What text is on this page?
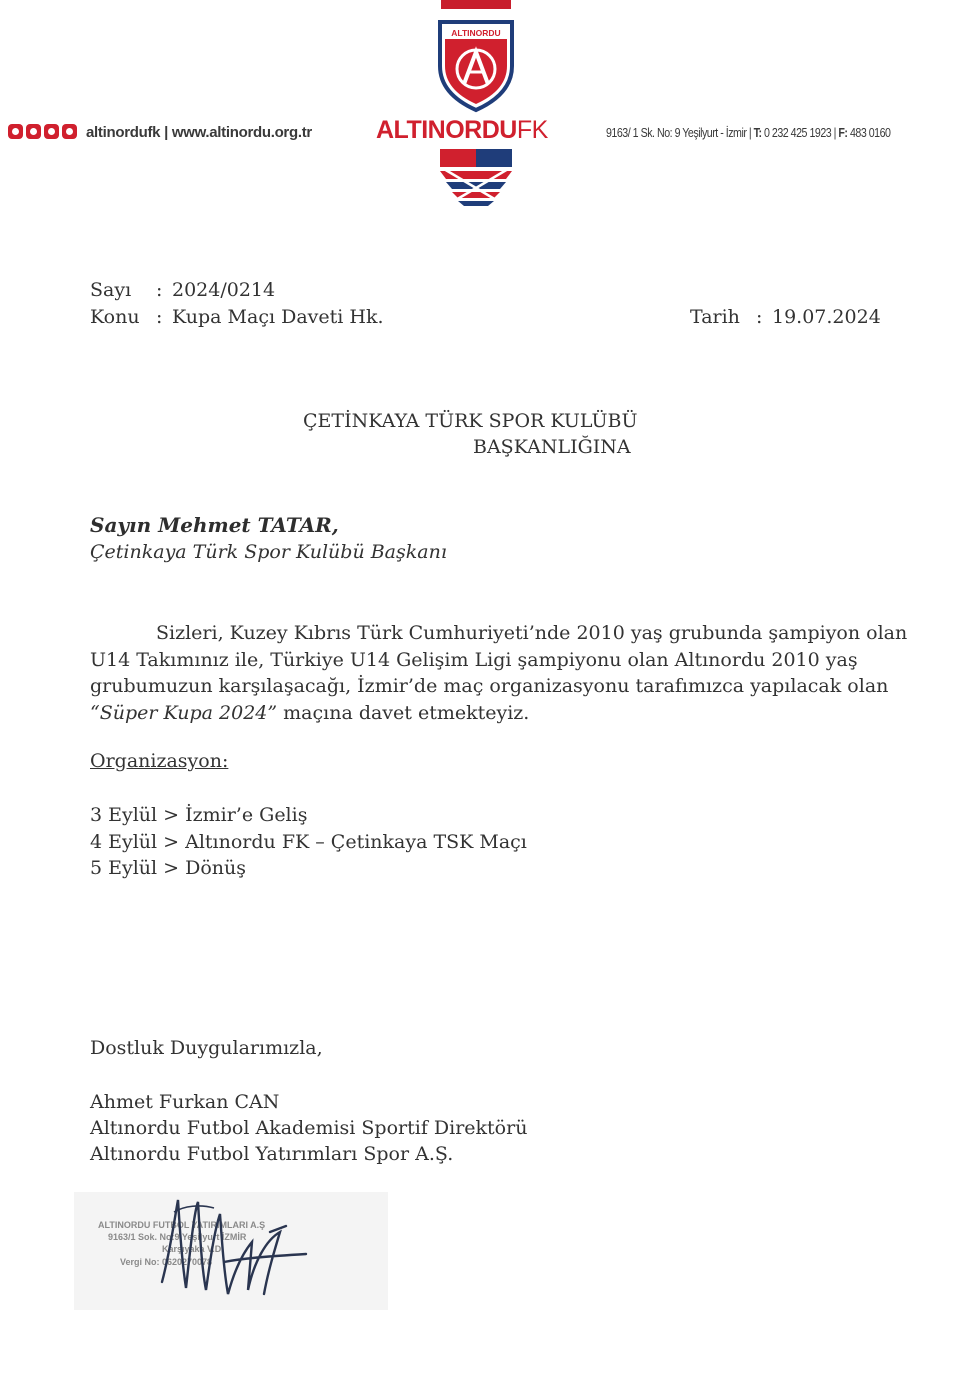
altinordufk | www.altinordu.org.tr
ALTINORDU
ALTINORDUFK	9163/ 1 Sk. No: 9 Yeşilyurt - İzmir | T: 0 232 425 1923 | F: 483 0160
Sayı : 2024/0214
Konu : Kupa Maçı Daveti Hk.	Tarih : 19.07.2024
ÇETİNKAYA TÜRK SPOR KULÜBÜ
BAŞKANLIĞINA
Sayın Mehmet TATAR,
Çetinkaya Türk Spor Kulübü Başkanı
Sizleri, Kuzey Kıbrıs Türk Cumhuriyeti’nde 2010 yaş grubunda şampiyon olan U14 Takımınız ile, Türkiye U14 Gelişim Ligi şampiyonu olan Altınordu 2010 yaş grubumuzun karşılaşacağı, İzmir’de maç organizasyonu tarafımızca yapılacak olan “Süper Kupa 2024” maçına davet etmekteyiz.
Organizasyon:
3 Eylül > İzmir’e Geliş
4 Eylül > Altınordu FK – Çetinkaya TSK Maçı
5 Eylül > Dönüş
Dostluk Duygularımızla,
Ahmet Furkan CAN
Altınordu Futbol Akademisi Sportif Direktörü
Altınordu Futbol Yatırımları Spor A.Ş.
ALTINORDU FUTBOL YATIRIMLARI A.Ş
9163/1 Sok. No:9 Yeşilyurt İZMİR
Karşıyaka V.D.
Vergi No: 0620270078
